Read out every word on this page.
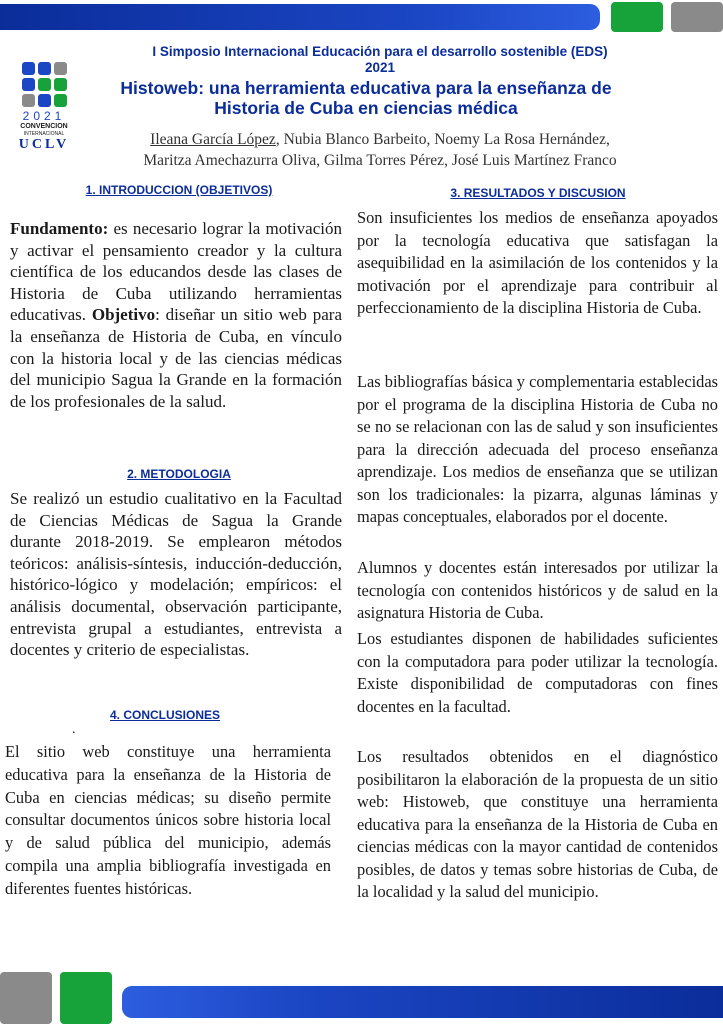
2021
CONVENCION
INTERNACIONAL
UCLV
I Simposio Internacional Educación para el desarrollo sostenible (EDS)
2021
Histoweb: una herramienta educativa para la enseñanza de
Historia de Cuba en ciencias médica
Ileana García López, Nubia Blanco Barbeito, Noemy La Rosa Hernández,
Maritza Amechazurra Oliva, Gilma Torres Pérez, José Luis Martínez Franco
1. INTRODUCCION (OBJETIVOS)
Fundamento: es necesario lograr la motivación y activar el pensamiento creador y la cultura científica de los educandos desde las clases de Historia de Cuba utilizando herramientas educativas. Objetivo: diseñar un sitio web para la enseñanza de Historia de Cuba, en vínculo con la historia local y de las ciencias médicas del municipio Sagua la Grande en la formación de los profesionales de la salud.
2. METODOLOGIA
Se realizó un estudio cualitativo en la Facultad de Ciencias Médicas de Sagua la Grande durante 2018-2019. Se emplearon métodos teóricos: análisis-síntesis, inducción-deducción, histórico-lógico y modelación; empíricos: el análisis documental, observación participante, entrevista grupal a estudiantes, entrevista a docentes y criterio de especialistas.
4. CONCLUSIONES
.
El sitio web constituye una herramienta educativa para la enseñanza de la Historia de Cuba en ciencias médicas; su diseño permite consultar documentos únicos sobre historia local y de salud pública del municipio, además compila una amplia bibliografía investigada en diferentes fuentes históricas.
3. RESULTADOS Y DISCUSION
Son insuficientes los medios de enseñanza apoyados por la tecnología educativa que satisfagan la asequibilidad en la asimilación de los contenidos y la motivación por el aprendizaje para contribuir al perfeccionamiento de la disciplina Historia de Cuba.
Las bibliografías básica y complementaria establecidas por el programa de la disciplina Historia de Cuba no se no se relacionan con las de salud y son insuficientes para la dirección adecuada del proceso enseñanza aprendizaje. Los medios de enseñanza que se utilizan son los tradicionales: la pizarra, algunas láminas y mapas conceptuales, elaborados por el docente.
Alumnos y docentes están interesados por utilizar la tecnología con contenidos históricos y de salud en la asignatura Historia de Cuba.
Los estudiantes disponen de habilidades suficientes con la computadora para poder utilizar la tecnología. Existe disponibilidad de computadoras con fines docentes en la facultad.
Los resultados obtenidos en el diagnóstico posibilitaron la elaboración de la propuesta de un sitio web: Histoweb, que constituye una herramienta educativa para la enseñanza de la Historia de Cuba en ciencias médicas con la mayor cantidad de contenidos posibles, de datos y temas sobre historias de Cuba, de la localidad y la salud del municipio.
